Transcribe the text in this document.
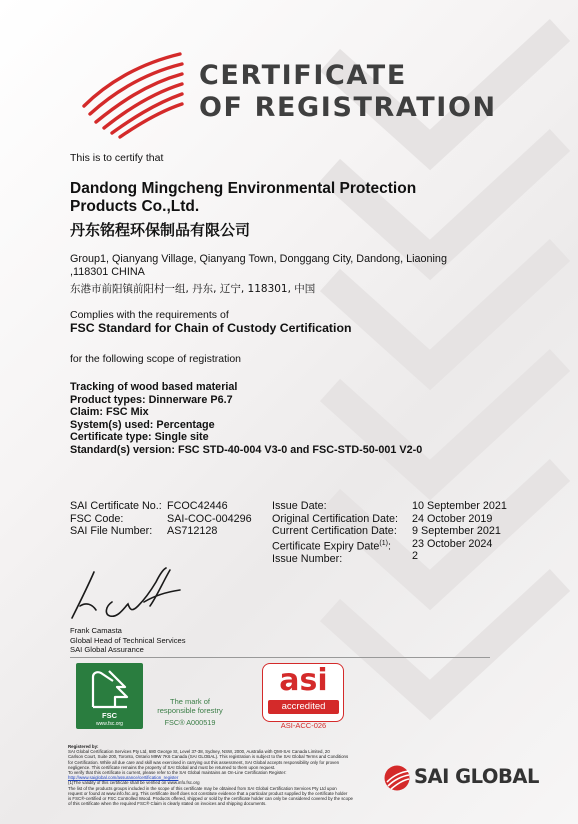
CERTIFICATE
OF REGISTRATION
This is to certify that
Dandong Mingcheng Environmental Protection
Products Co.,Ltd.
丹东铭程环保制品有限公司
Group1, Qianyang Village, Qianyang Town, Donggang City, Dandong, Liaoning
,118301 CHINA
东港市前阳镇前阳村一组, 丹东, 辽宁, 118301, 中国
Complies with the requirements of
FSC Standard for Chain of Custody Certification
for the following scope of registration
Tracking of wood based material
Product types: Dinnerware P6.7
Claim: FSC Mix
System(s) used: Percentage
Certificate type: Single site
Standard(s) version: FSC STD-40-004 V3-0 and FSC-STD-50-001 V2-0
SAI Certificate No.:
FSC Code:
SAI File Number:
FCOC42446
SAI-COC-004296
AS712128
Issue Date:
Original Certification Date:
Current Certification Date:
Certificate Expiry Date$^{(1)}$:
Issue Number:
10 September 2021
24 October 2019
9 September 2021
23 October 2024
2
Frank Camasta
Global Head of Technical Services
SAI Global Assurance
FSC
www.fsc.org
The mark of
responsible forestry
FSC® A000519
asi
accredited
ASI-ACC-026
Registered by:
SAI Global Certification Services Pty Ltd, 680 George St, Level 37-38, Sydney, NSW, 2000, Australia with QMI-SAI Canada Limited, 20
Carlson Court, Suite 200, Toronto, Ontario M9W 7K6 Canada (SAI GLOBAL). This registration is subject to the SAI Global Terms and Conditions
for Certification. While all due care and skill was exercised in carrying out this assessment, SAI Global accepts responsibility only for proven
negligence. This certificate remains the property of SAI Global and must be returned to them upon request.
To verify that this certificate is current, please refer to the SAI Global maintains an On-Line Certification Register:
http://www.saiglobal.com/assurance/certification_register
(1)The validity of this certificate shall be verified on www.info.fsc.org
The list of the products groups included in the scope of this certificate may be obtained from SAI Global Certification Services Pty Ltd upon
request or found at www.info.fsc.org. This certificate itself does not constitute evidence that a particular product supplied by the certificate holder
is FSC®-certified or FSC Controlled Wood. Products offered, shipped or sold by the certificate holder can only be considered covered by the scope
of this certificate when the required FSC® Claim is clearly stated on invoices and shipping documents.
SAI GLOBAL
